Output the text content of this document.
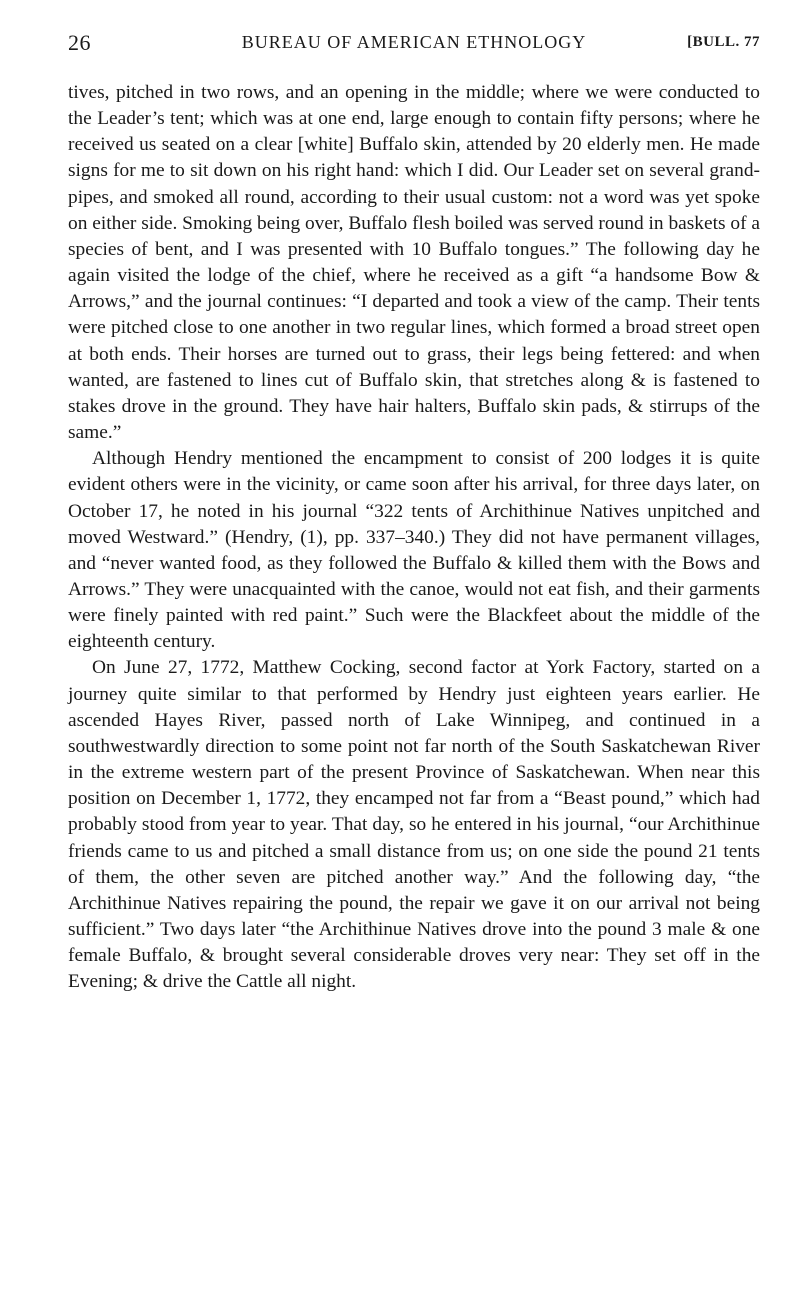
26	BUREAU OF AMERICAN ETHNOLOGY	[BULL. 77

tives, pitched in two rows, and an opening in the middle; where we were conducted to the Leader’s tent; which was at one end, large enough to contain fifty persons; where he received us seated on a clear [white] Buffalo skin, attended by 20 elderly men. He made signs for me to sit down on his right hand: which I did. Our Leader set on several grand-pipes, and smoked all round, according to their usual custom: not a word was yet spoke on either side. Smoking being over, Buffalo flesh boiled was served round in baskets of a species of bent, and I was presented with 10 Buffalo tongues.” The following day he again visited the lodge of the chief, where he received as a gift “a handsome Bow & Arrows,” and the journal continues: “I departed and took a view of the camp. Their tents were pitched close to one another in two regular lines, which formed a broad street open at both ends. Their horses are turned out to grass, their legs being fettered: and when wanted, are fastened to lines cut of Buffalo skin, that stretches along & is fastened to stakes drove in the ground. They have hair halters, Buffalo skin pads, & stirrups of the same.”

Although Hendry mentioned the encampment to consist of 200 lodges it is quite evident others were in the vicinity, or came soon after his arrival, for three days later, on October 17, he noted in his journal “322 tents of Archithinue Natives unpitched and moved Westward.” (Hendry, (1), pp. 337–340.) They did not have permanent villages, and “never wanted food, as they followed the Buffalo & killed them with the Bows and Arrows.” They were unacquainted with the canoe, would not eat fish, and their garments were finely painted with red paint.” Such were the Blackfeet about the middle of the eighteenth century.

On June 27, 1772, Matthew Cocking, second factor at York Factory, started on a journey quite similar to that performed by Hendry just eighteen years earlier. He ascended Hayes River, passed north of Lake Winnipeg, and continued in a southwestwardly direction to some point not far north of the South Saskatchewan River in the extreme western part of the present Province of Saskatchewan. When near this position on December 1, 1772, they encamped not far from a “Beast pound,” which had probably stood from year to year. That day, so he entered in his journal, “our Archithinue friends came to us and pitched a small distance from us; on one side the pound 21 tents of them, the other seven are pitched another way.” And the following day, “the Archithinue Natives repairing the pound, the repair we gave it on our arrival not being sufficient.” Two days later “the Archithinue Natives drove into the pound 3 male & one female Buffalo, & brought several considerable droves very near: They set off in the Evening; & drive the Cattle all night.
